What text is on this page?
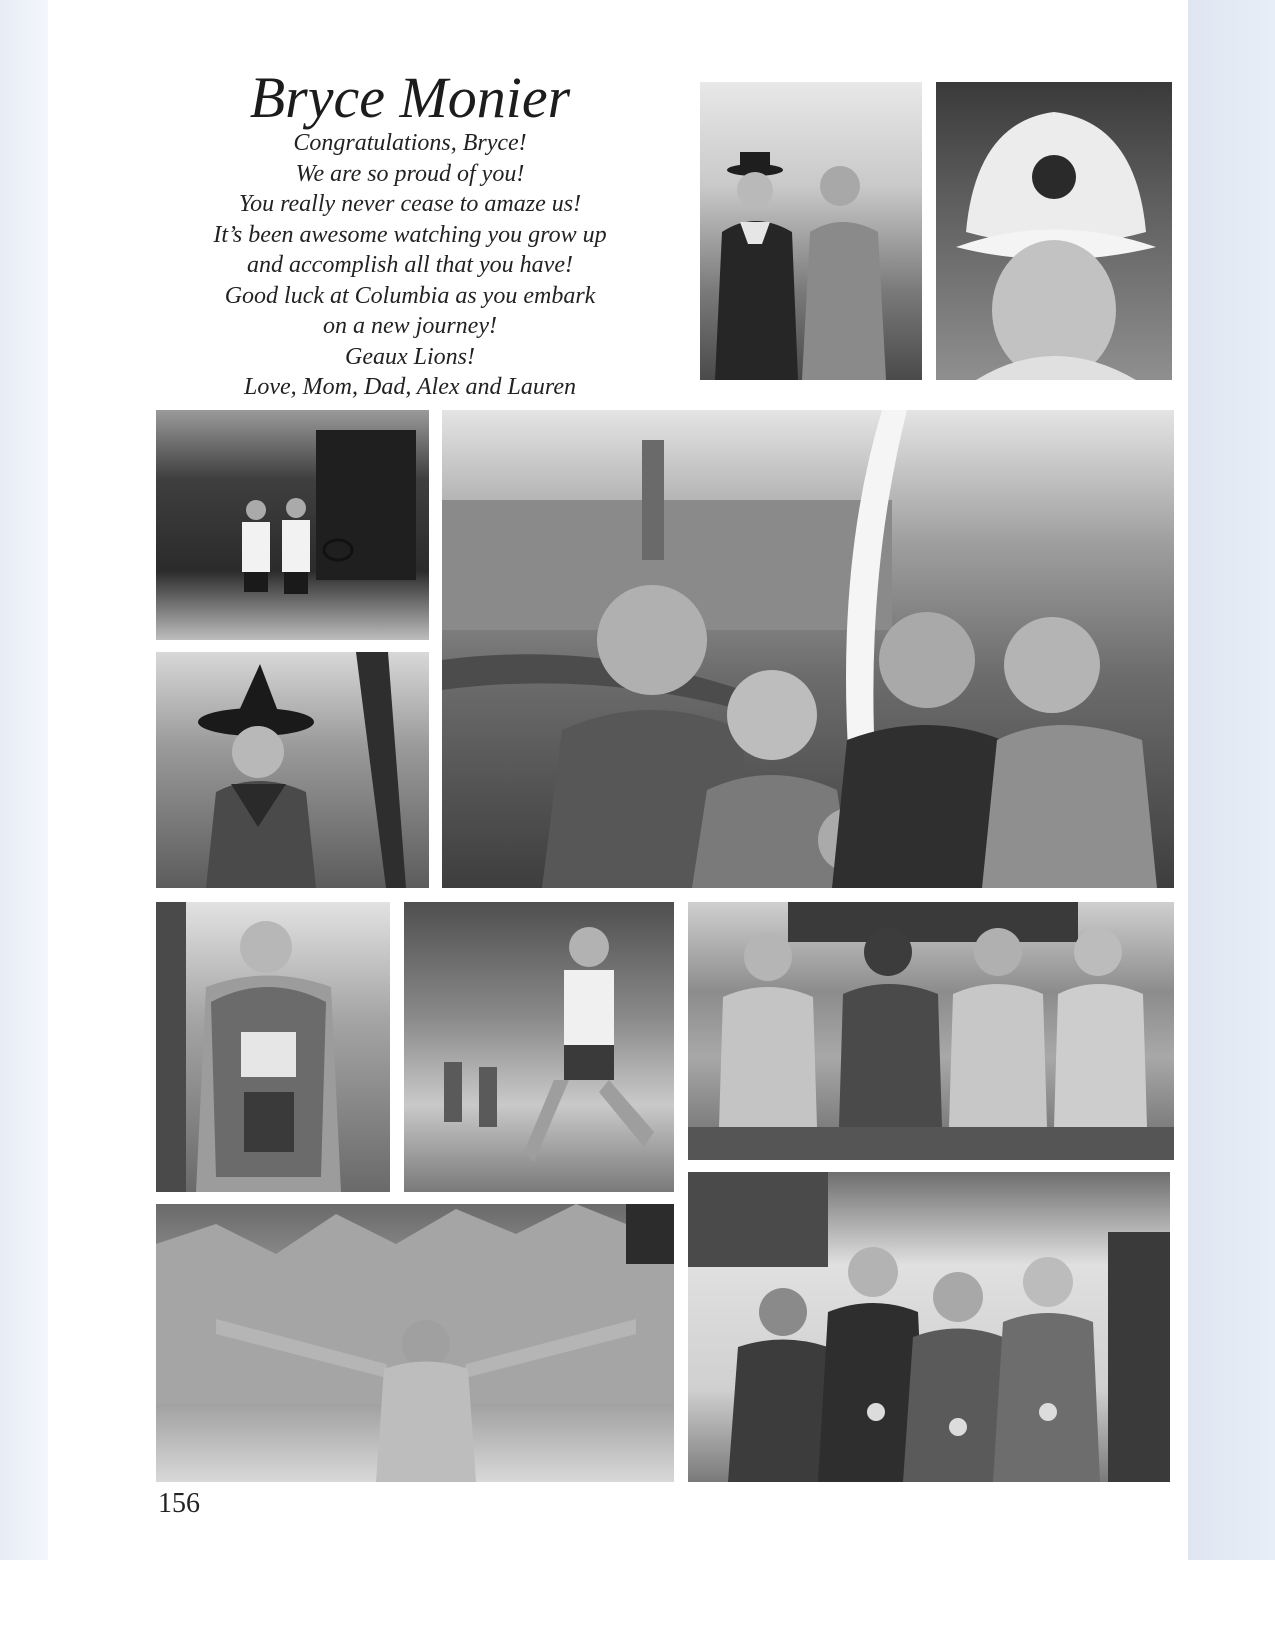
Bryce Monier
Congratulations, Bryce!
We are so proud of you!
You really never cease to amaze us!
It’s been awesome watching you grow up
and accomplish all that you have!
Good luck at Columbia as you embark
on a new journey!
Geaux Lions!
Love, Mom, Dad, Alex and Lauren
156
